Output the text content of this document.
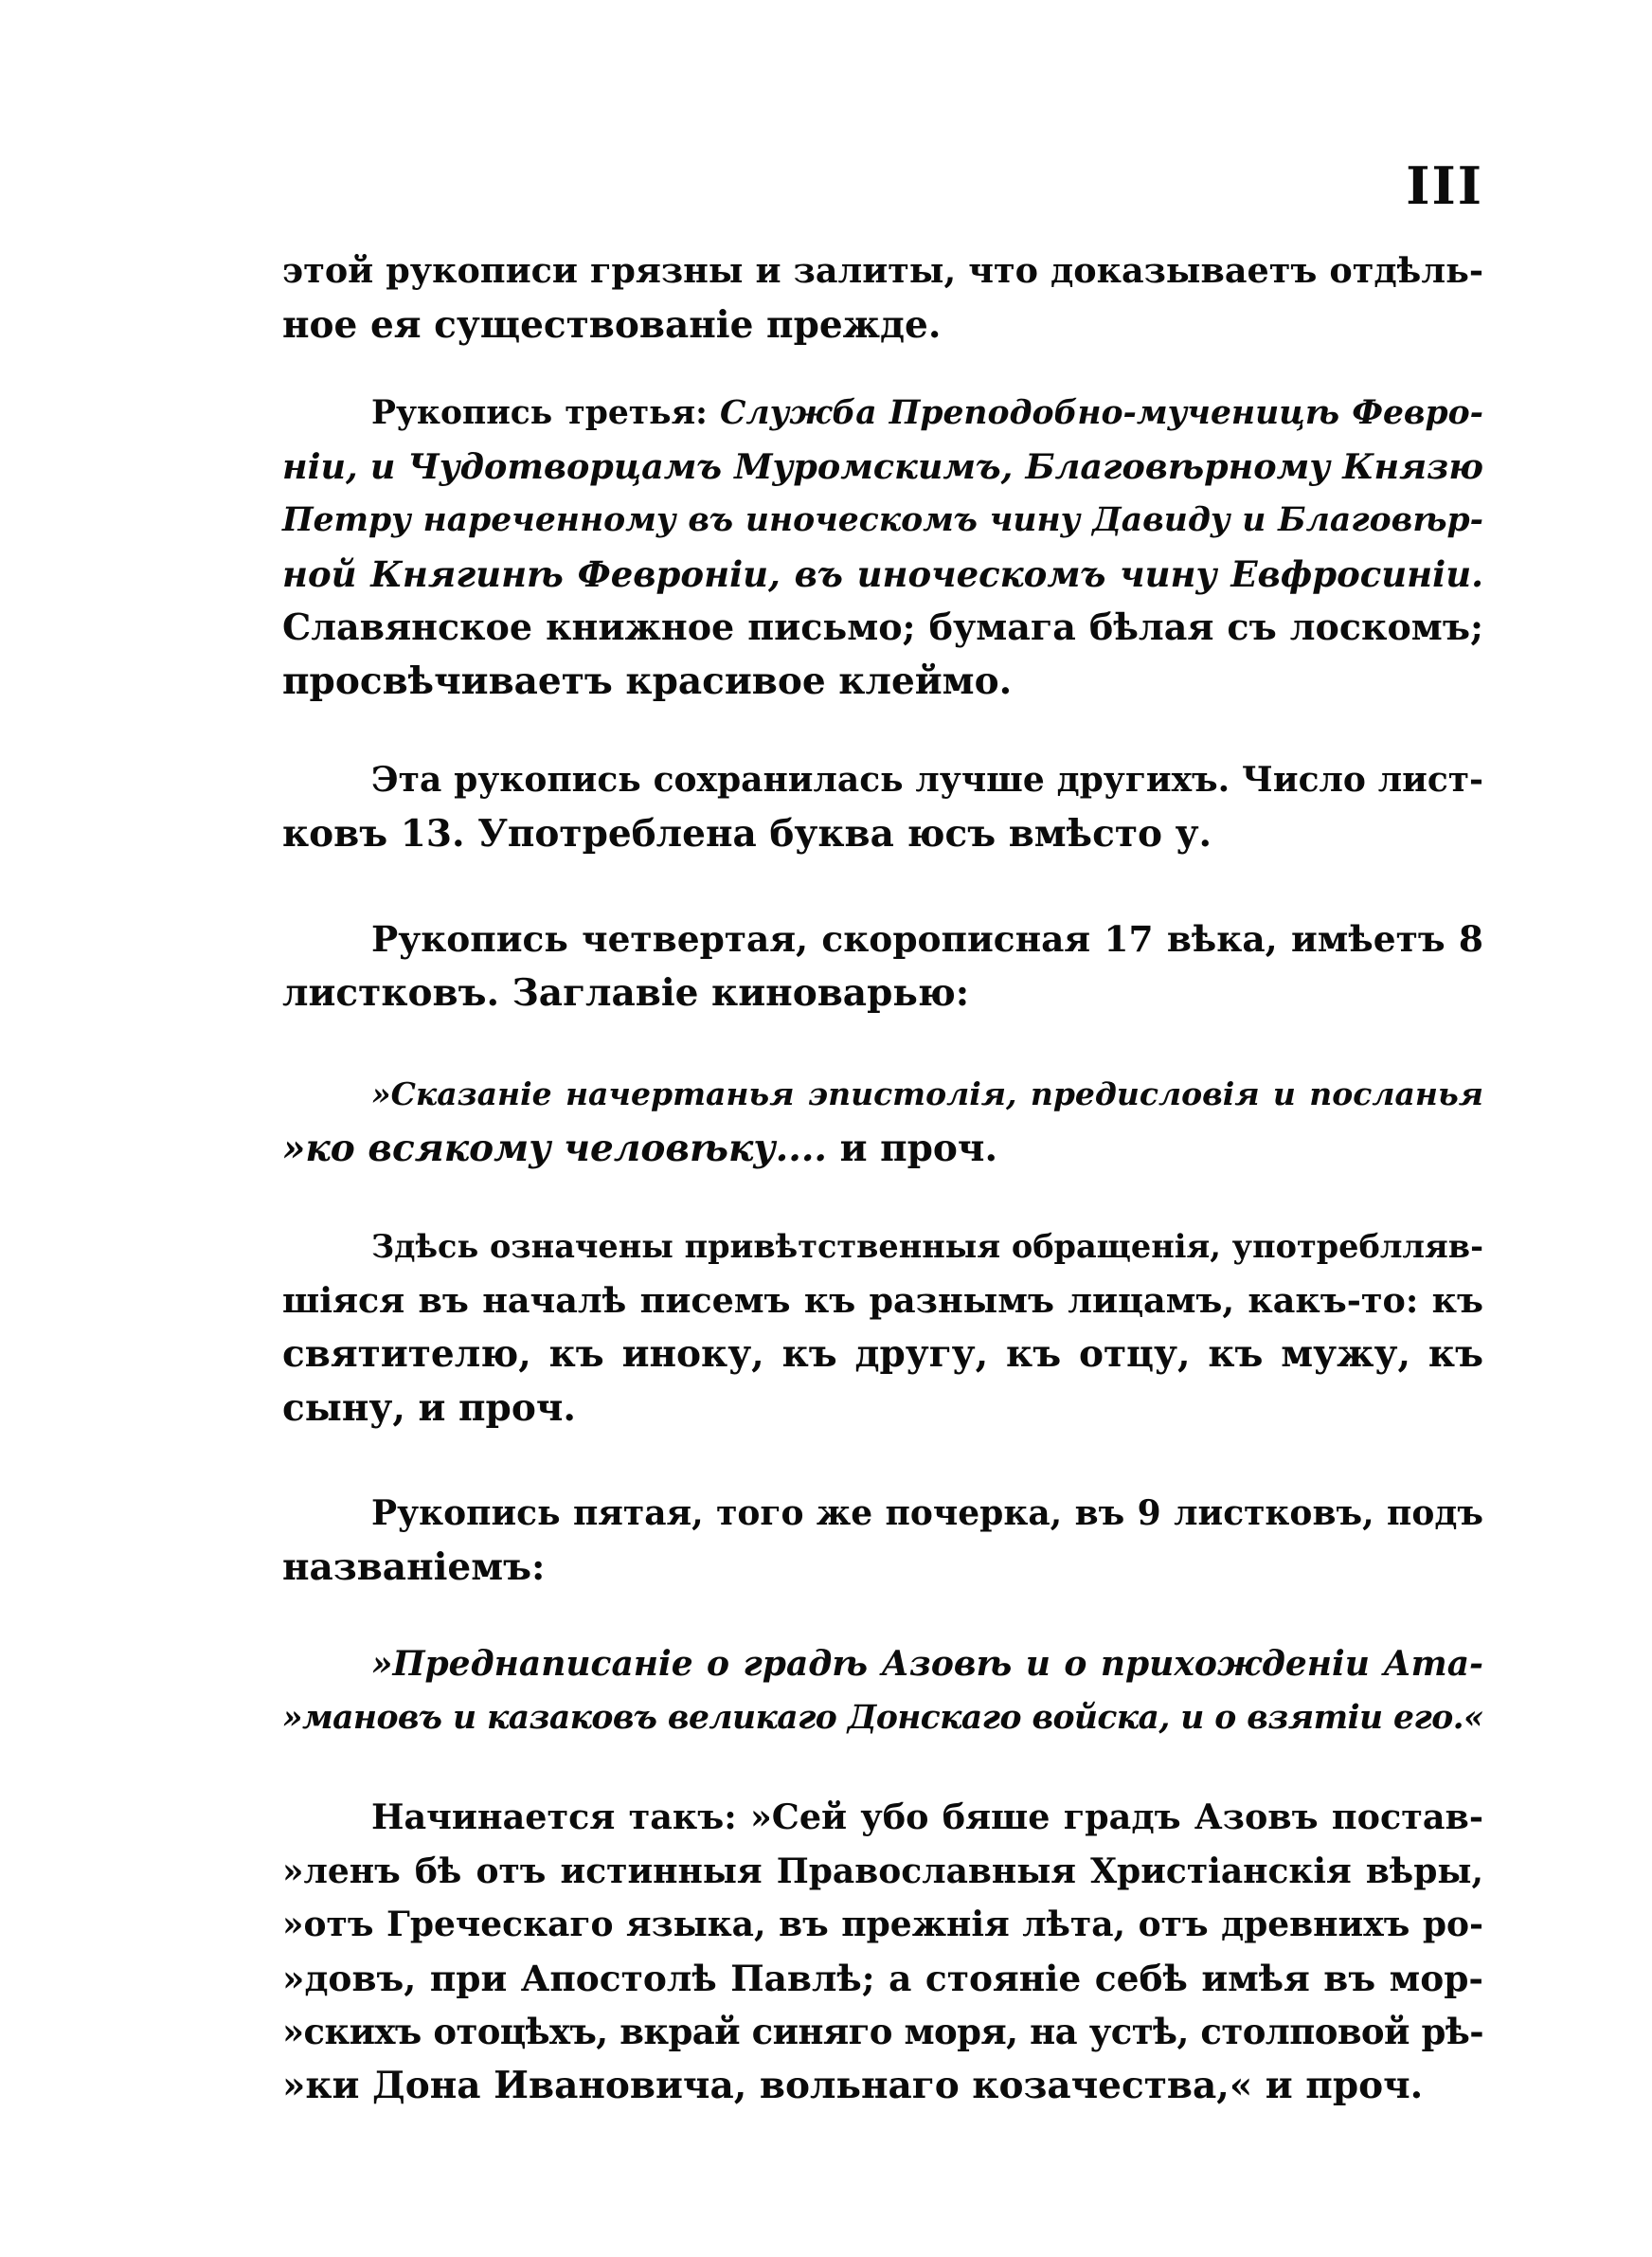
III
этой рукописи грязны и залиты, что доказываетъ отдѣль-
ное ея существованіе прежде.
Рукопись третья: Служба Преподобно-мученицѣ Февро-
ніи, и Чудотворцамъ Муромскимъ, Благовѣрному Князю
Петру нареченному въ иноческомъ чину Давиду и Благовѣр-
ной Княгинѣ Февроніи, въ иноческомъ чину Евфросиніи.
Славянское книжное письмо; бумага бѣлая съ лоскомъ;
просвѣчиваетъ красивое клеймо.
Эта рукопись сохранилась лучше другихъ. Число лист-
ковъ 13. Употреблена буква юсъ вмѣсто у.
Рукопись четвертая, скорописная 17 вѣка, имѣетъ 8
листковъ. Заглавіе киноварью:
»Сказаніе начертанья эпистолія, предисловія и посланья
»ко всякому человѣку.... и проч.
Здѣсь означены привѣтственныя обращенія, употреблляв-
шіяся въ началѣ писемъ къ разнымъ лицамъ, какъ-то: къ
святителю, къ иноку, къ другу, къ отцу, къ мужу, къ
сыну, и проч.
Рукопись пятая, того же почерка, въ 9 листковъ, подъ
названіемъ:
»Преднаписаніе о градѣ Азовѣ и о прихожденіи Ата-
»мановъ и казаковъ великаго Донскаго войска, и о взятіи его.«
Начинается такъ: »Сей убо бяше градъ Азовъ постав-
»ленъ бѣ отъ истинныя Православныя Христіанскія вѣры,
»отъ Греческаго языка, въ прежнія лѣта, отъ древнихъ ро-
»довъ, при Апостолѣ Павлѣ; а стояніе себѣ имѣя въ мор-
»скихъ отоцѣхъ, вкрай синяго моря, на устѣ, столповой рѣ-
»ки Дона Ивановича, вольнаго козачества,« и проч.
